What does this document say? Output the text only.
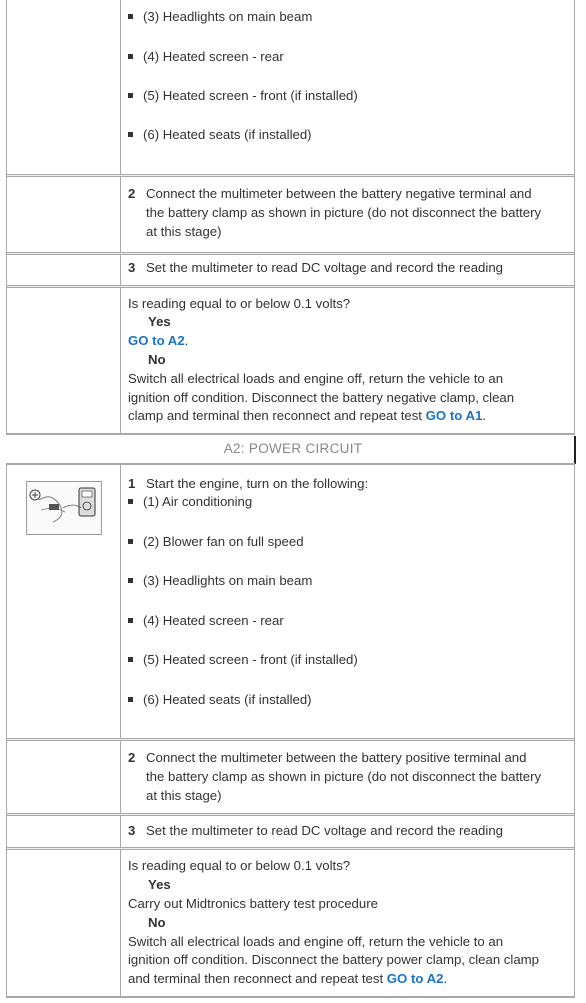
(3) Headlights on main beam
(4) Heated screen - rear
(5) Heated screen - front (if installed)
(6) Heated seats (if installed)
2 Connect the multimeter between the battery negative terminal and
the battery clamp as shown in picture (do not disconnect the battery
at this stage)
3 Set the multimeter to read DC voltage and record the reading
Is reading equal to or below 0.1 volts?
Yes
GO to A2.
No
Switch all electrical loads and engine off, return the vehicle to an
ignition off condition. Disconnect the battery negative clamp, clean
clamp and terminal then reconnect and repeat test GO to A1.
A2: POWER CIRCUIT
1 Start the engine, turn on the following:
(1) Air conditioning
(2) Blower fan on full speed
(3) Headlights on main beam
(4) Heated screen - rear
(5) Heated screen - front (if installed)
(6) Heated seats (if installed)
2 Connect the multimeter between the battery positive terminal and
the battery clamp as shown in picture (do not disconnect the battery
at this stage)
3 Set the multimeter to read DC voltage and record the reading
Is reading equal to or below 0.1 volts?
Yes
Carry out Midtronics battery test procedure
No
Switch all electrical loads and engine off, return the vehicle to an
ignition off condition. Disconnect the battery power clamp, clean clamp
and terminal then reconnect and repeat test GO to A2.
